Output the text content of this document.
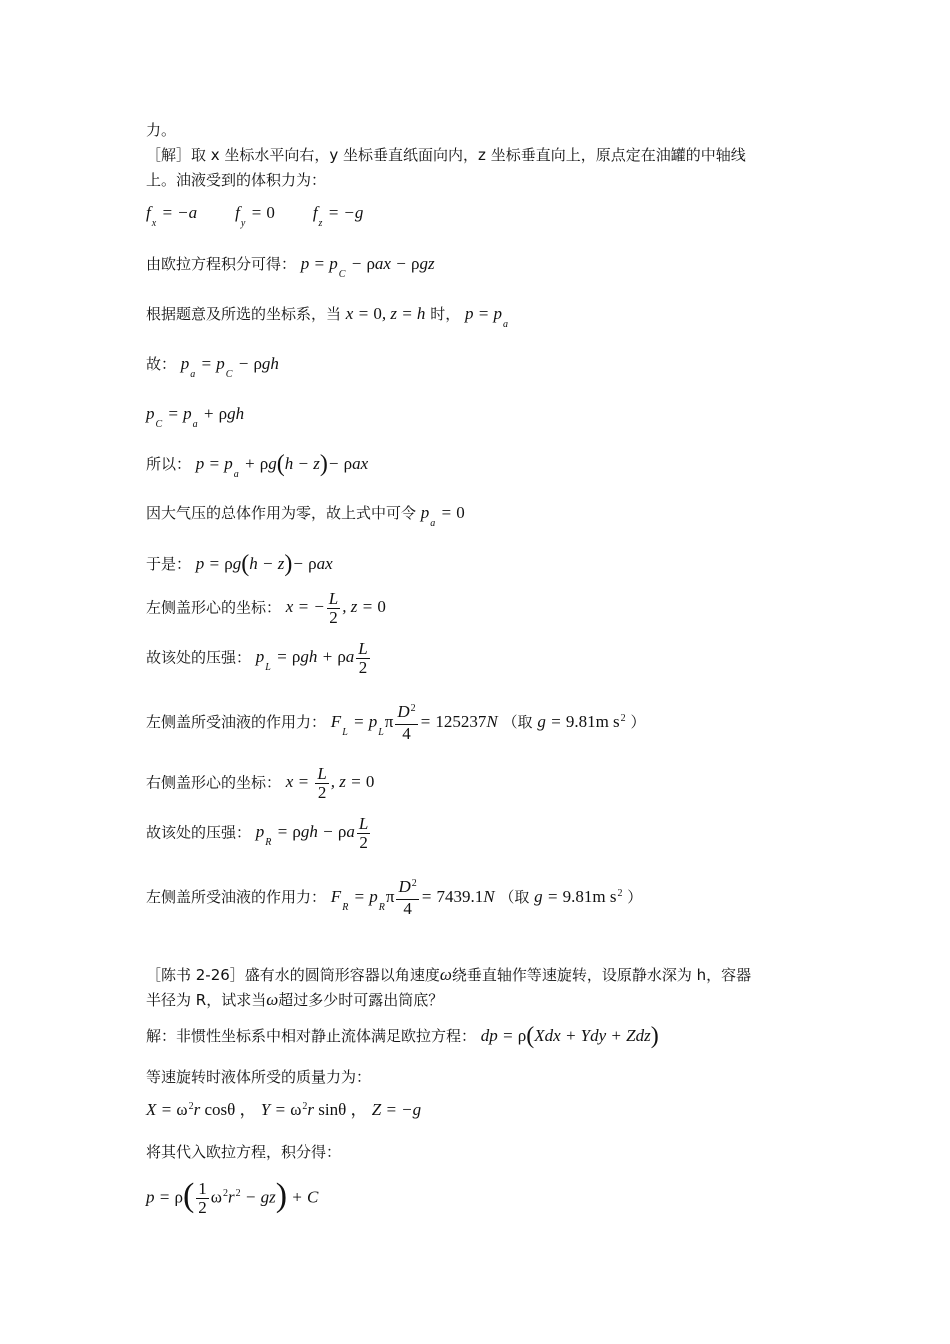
力。
［解］取 x 坐标水平向右，y 坐标垂直纸面向内，z 坐标垂直向上，原点定在油罐的中轴线
上。油液受到的体积力为：
$f_x = -a$ $f_y = 0$ $f_z = -g$
由欧拉方程积分可得： $p = p_C - \rho ax - \rho gz$
根据题意及所选的坐标系，当 x = 0, z = h 时， $p = p_a$
故： $p_a = p_C - \rho gh$
$p_C = p_a + \rho gh$
所以： $p = p_a + \rho g(h - z)- \rho ax$
因大气压的总体作用为零，故上式中可令 $p_a = 0$
于是： p = ρg(h − z)− ρax
左侧盖形心的坐标： x = − $\frac{L}{2}$ , z = 0
故该处的压强： $p_L = \rho gh + \rho a \frac{L}{2}$
左侧盖所受油液的作用力： $F_L = p_L\pi \frac{D^2}{4} = 125237N$ （取 g = 9.81m $s^2$ ）
右侧盖形心的坐标： $x = \frac{L}{2}$ , z = 0
故该处的压强： $p_R = \rho gh - \rho a \frac{L}{2}$
左侧盖所受油液的作用力： $F_R = p_R\pi \frac{D^2}{4} = 7439.1N$ （取 g = 9.81m $s^2$ ）
［陈书 2-26］盛有水的圆筒形容器以角速度ω绕垂直轴作等速旋转，设原静水深为 h，容器
半径为 R，试求当ω超过多少时可露出筒底？
解：非惯性坐标系中相对静止流体满足欧拉方程： dp = ρ(Xdx + Ydy + Zdz)
等速旋转时液体所受的质量力为：
$X = \omega^2r$ cosθ ， $Y = \omega^2r$ sinθ ， Z = −g
将其代入欧拉方程，积分得：
$p = \rho( \frac{1}{2} \omega^2r^2 - gz) + C$
